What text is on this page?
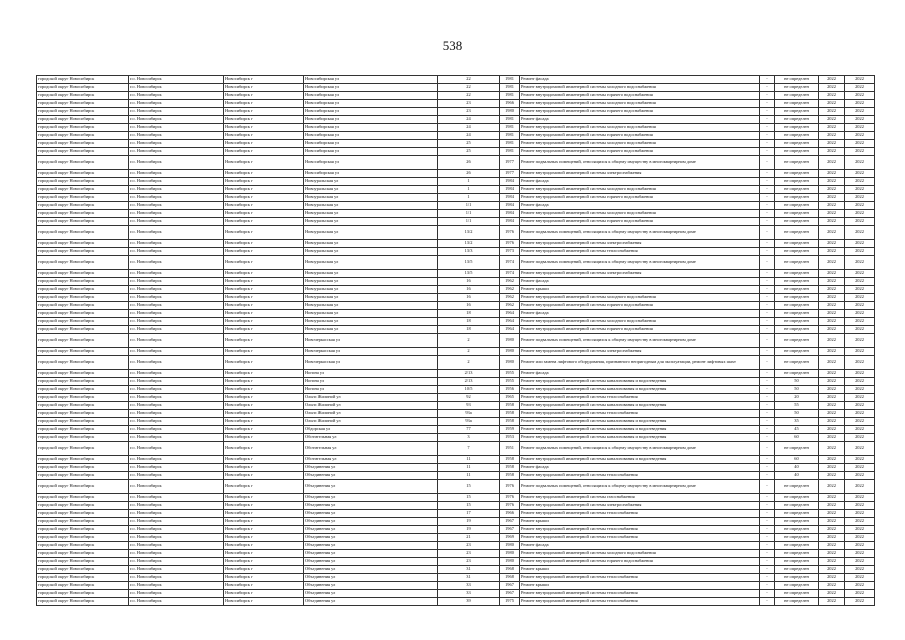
538
городской округ Новосибирск	г.о. Новосибирск	Новосибирск г	Новосибирская ул	22	1981	Ремонт фасада	-	не определен	2022	2022
городской округ Новосибирск	г.о. Новосибирск	Новосибирск г	Новосибирская ул	22	1981	Ремонт внутридомовой инженерной системы холодного водоснабжения	-	не определен	2022	2022
городской округ Новосибирск	г.о. Новосибирск	Новосибирск г	Новосибирская ул	22	1981	Ремонт внутридомовой инженерной системы горячего водоснабжения	-	не определен	2022	2022
городской округ Новосибирск	г.о. Новосибирск	Новосибирск г	Новосибирская ул	23	1966	Ремонт внутридомовой инженерной системы холодного водоснабжения	-	не определен	2022	2022
городской округ Новосибирск	г.о. Новосибирск	Новосибирск г	Новосибирская ул	23	1980	Ремонт внутридомовой инженерной системы горячего водоснабжения	-	не определен	2022	2022
городской округ Новосибирск	г.о. Новосибирск	Новосибирск г	Новосибирская ул	24	1981	Ремонт фасада	-	не определен	2022	2022
городской округ Новосибирск	г.о. Новосибирск	Новосибирск г	Новосибирская ул	24	1981	Ремонт внутридомовой инженерной системы холодного водоснабжения	-	не определен	2022	2022
городской округ Новосибирск	г.о. Новосибирск	Новосибирск г	Новосибирская ул	24	1981	Ремонт внутридомовой инженерной системы горячего водоснабжения	-	не определен	2022	2022
городской округ Новосибирск	г.о. Новосибирск	Новосибирск г	Новосибирская ул	25	1981	Ремонт внутридомовой инженерной системы холодного водоснабжения	-	не определен	2022	2022
городской округ Новосибирск	г.о. Новосибирск	Новосибирск г	Новосибирская ул	25	1981	Ремонт внутридомовой инженерной системы горячего водоснабжения	-	не определен	2022	2022
городской округ Новосибирск	г.о. Новосибирск	Новосибирск г	Новосибирская ул	26	1977	Ремонт подвальных помещений, относящихся к общему имуществу в многоквартирном доме	-	не определен	2022	2022
городской округ Новосибирск	г.о. Новосибирск	Новосибирск г	Новосибирская ул	26	1977	Ремонт внутридомовой инженерной системы электроснабжения	-	не определен	2022	2022
городской округ Новосибирск	г.о. Новосибирск	Новосибирск г	Новоуральская ул	1	1984	Ремонт фасада	-	не определен	2022	2022
городской округ Новосибирск	г.о. Новосибирск	Новосибирск г	Новоуральская ул	1	1984	Ремонт внутридомовой инженерной системы холодного водоснабжения	-	не определен	2022	2022
городской округ Новосибирск	г.о. Новосибирск	Новосибирск г	Новоуральская ул	1	1984	Ремонт внутридомовой инженерной системы горячего водоснабжения	-	не определен	2022	2022
городской округ Новосибирск	г.о. Новосибирск	Новосибирск г	Новоуральская ул	1/1	1984	Ремонт фасада	-	не определен	2022	2022
городской округ Новосибирск	г.о. Новосибирск	Новосибирск г	Новоуральская ул	1/1	1984	Ремонт внутридомовой инженерной системы холодного водоснабжения	-	не определен	2022	2022
городской округ Новосибирск	г.о. Новосибирск	Новосибирск г	Новоуральская ул	1/1	1984	Ремонт внутридомовой инженерной системы горячего водоснабжения	-	не определен	2022	2022
городской округ Новосибирск	г.о. Новосибирск	Новосибирск г	Новоуральская ул	13/2	1976	Ремонт подвальных помещений, относящихся к общему имуществу в многоквартирном доме	-	не определен	2022	2022
городской округ Новосибирск	г.о. Новосибирск	Новосибирск г	Новоуральская ул	13/2	1976	Ремонт внутридомовой инженерной системы электроснабжения	-	не определен	2022	2022
городской округ Новосибирск	г.о. Новосибирск	Новосибирск г	Новоуральская ул	13/3	1973	Ремонт внутридомовой инженерной системы теплоснабжения	-	не определен	2022	2022
городской округ Новосибирск	г.о. Новосибирск	Новосибирск г	Новоуральская ул	13/5	1974	Ремонт подвальных помещений, относящихся к общему имуществу в многоквартирном доме	-	не определен	2022	2022
городской округ Новосибирск	г.о. Новосибирск	Новосибирск г	Новоуральская ул	13/5	1974	Ремонт внутридомовой инженерной системы электроснабжения	-	не определен	2022	2022
городской округ Новосибирск	г.о. Новосибирск	Новосибирск г	Новоуральская ул	16	1962	Ремонт фасада	-	не определен	2022	2022
городской округ Новосибирск	г.о. Новосибирск	Новосибирск г	Новоуральская ул	16	1962	Ремонт крыши	-	не определен	2022	2022
городской округ Новосибирск	г.о. Новосибирск	Новосибирск г	Новоуральская ул	16	1962	Ремонт внутридомовой инженерной системы холодного водоснабжения	-	не определен	2022	2022
городской округ Новосибирск	г.о. Новосибирск	Новосибирск г	Новоуральская ул	16	1962	Ремонт внутридомовой инженерной системы горячего водоснабжения	-	не определен	2022	2022
городской округ Новосибирск	г.о. Новосибирск	Новосибирск г	Новоуральская ул	18	1964	Ремонт фасада	-	не определен	2022	2022
городской округ Новосибирск	г.о. Новосибирск	Новосибирск г	Новоуральская ул	18	1964	Ремонт внутридомовой инженерной системы холодного водоснабжения	-	не определен	2022	2022
городской округ Новосибирск	г.о. Новосибирск	Новосибирск г	Новоуральская ул	18	1964	Ремонт внутридомовой инженерной системы горячего водоснабжения	-	не определен	2022	2022
городской округ Новосибирск	г.о. Новосибирск	Новосибирск г	Новочеркасская ул	2	1980	Ремонт подвальных помещений, относящихся к общему имуществу в многоквартирном доме	-	не определен	2022	2022
городской округ Новосибирск	г.о. Новосибирск	Новосибирск г	Новочеркасская ул	2	1980	Ремонт внутридомовой инженерной системы электроснабжения	-	не определен	2022	2022
городской округ Новосибирск	г.о. Новосибирск	Новосибирск г	Новочеркасская ул	2	1980	Ремонт или замена лифтового оборудования, признанного непригодным для эксплуатации, ремонт лифтовых шахт	-	не определен	2022	2022
городской округ Новосибирск	г.о. Новосибирск	Новосибирск г	Ногина ул	2/13	1955	Ремонт фасада	-	не определен	2022	2022
городской округ Новосибирск	г.о. Новосибирск	Новосибирск г	Ногина ул	2/13	1955	Ремонт внутридомовой инженерной системы канализования и водоотведения	-	50	2022	2022
городской округ Новосибирск	г.о. Новосибирск	Новосибирск г	Ногина ул	10/5	1956	Ремонт внутридомовой инженерной системы канализования и водоотведения	-	50	2022	2022
городской округ Новосибирск	г.о. Новосибирск	Новосибирск г	Ольги Жилиной ул	92	1965	Ремонт внутридомовой инженерной системы теплоснабжения	-	20	2022	2022
городской округ Новосибирск	г.о. Новосибирск	Новосибирск г	Ольги Жилиной ул	93	1958	Ремонт внутридомовой инженерной системы канализования и водоотведения	-	55	2022	2022
городской округ Новосибирск	г.о. Новосибирск	Новосибирск г	Ольги Жилиной ул	93а	1958	Ремонт внутридомовой инженерной системы теплоснабжения	-	50	2022	2022
городской округ Новосибирск	г.о. Новосибирск	Новосибирск г	Ольги Жилиной ул	93а	1958	Ремонт внутридомовой инженерной системы канализования и водоотведения	-	35	2022	2022
городской округ Новосибирск	г.о. Новосибирск	Новосибирск г	Обдорская ул	77	1959	Ремонт внутридомовой инженерной системы канализования и водоотведения	-	45	2022	2022
городской округ Новосибирск	г.о. Новосибирск	Новосибирск г	Оботительная ул	3	1953	Ремонт внутридомовой инженерной системы канализования и водоотведения	-	60	2022	2022
городской округ Новосибирск	г.о. Новосибирск	Новосибирск г	Оботительная ул	7	1951	Ремонт подвальных помещений, относящихся к общему имуществу в многоквартирном доме	-	не определен	2022	2022
городской округ Новосибирск	г.о. Новосибирск	Новосибирск г	Оботительная ул	11	1958	Ремонт внутридомовой инженерной системы канализования и водоотведения	-	60	2022	2022
городской округ Новосибирск	г.о. Новосибирск	Новосибирск г	Объединения ул	11	1958	Ремонт фасада	-	40	2022	2022
городской округ Новосибирск	г.о. Новосибирск	Новосибирск г	Объединения ул	11	1958	Ремонт внутридомовой инженерной системы теплоснабжения	-	40	2022	2022
городской округ Новосибирск	г.о. Новосибирск	Новосибирск г	Объединения ул	15	1976	Ремонт подвальных помещений, относящихся к общему имуществу в многоквартирном доме	-	не определен	2022	2022
городской округ Новосибирск	г.о. Новосибирск	Новосибирск г	Объединения ул	15	1976	Ремонт внутридомовой инженерной системы газоснабжения	-	не определен	2022	2022
городской округ Новосибирск	г.о. Новосибирск	Новосибирск г	Объединения ул	15	1976	Ремонт внутридомовой инженерной системы электроснабжения	-	не определен	2022	2022
городской округ Новосибирск	г.о. Новосибирск	Новосибирск г	Объединения ул	17	1966	Ремонт внутридомовой инженерной системы теплоснабжения	-	не определен	2022	2022
городской округ Новосибирск	г.о. Новосибирск	Новосибирск г	Объединения ул	19	1967	Ремонт крыши	-	не определен	2022	2022
городской округ Новосибирск	г.о. Новосибирск	Новосибирск г	Объединения ул	19	1967	Ремонт внутридомовой инженерной системы теплоснабжения	-	не определен	2022	2022
городской округ Новосибирск	г.о. Новосибирск	Новосибирск г	Объединения ул	21	1969	Ремонт внутридомовой инженерной системы теплоснабжения	-	не определен	2022	2022
городской округ Новосибирск	г.о. Новосибирск	Новосибирск г	Объединения ул	23	1980	Ремонт фасада	-	не определен	2022	2022
городской округ Новосибирск	г.о. Новосибирск	Новосибирск г	Объединения ул	23	1980	Ремонт внутридомовой инженерной системы холодного водоснабжения	-	не определен	2022	2022
городской округ Новосибирск	г.о. Новосибирск	Новосибирск г	Объединения ул	23	1980	Ремонт внутридомовой инженерной системы горячего водоснабжения	-	не определен	2022	2022
городской округ Новосибирск	г.о. Новосибирск	Новосибирск г	Объединения ул	31	1968	Ремонт крыши	-	не определен	2022	2022
городской округ Новосибирск	г.о. Новосибирск	Новосибирск г	Объединения ул	31	1968	Ремонт внутридомовой инженерной системы теплоснабжения	-	не определен	2022	2022
городской округ Новосибирск	г.о. Новосибирск	Новосибирск г	Объединения ул	33	1967	Ремонт крыши	-	не определен	2022	2022
городской округ Новосибирск	г.о. Новосибирск	Новосибирск г	Объединения ул	33	1967	Ремонт внутридомовой инженерной системы теплоснабжения	-	не определен	2022	2022
городской округ Новосибирск	г.о. Новосибирск	Новосибирск г	Объединения ул	39	1975	Ремонт внутридомовой инженерной системы теплоснабжения	-	не определен	2022	2022
